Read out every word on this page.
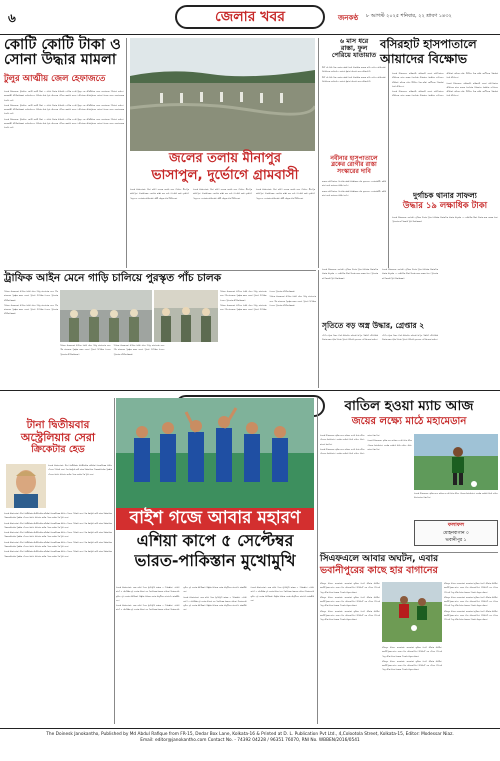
৬	জেলার খবর	জনকণ্ঠ ৮ আগস্ট ২০২৫ শনিবার, ২২ শ্রাবণ ১৪৩২
কোটি কোটি টাকা ও
সোনা উদ্ধার মামলা
টুলুর আত্মীয় জেল হেফাজতে

নিজস্ব প্রতিবেদক, ধুলিয়ান: কোটি কোটি টাকা ও সোনা উদ্ধার মামলায় গ্রেপ্তার হওয়া টুলুর এক আত্মীয়কে জেল হেফাজতে পাঠানো হয়েছে। তদন্তকারী আধিকারিকরা জানিয়েছেন, ঘটনার সঙ্গে যুক্ত অন্যদের খোঁজে তল্লাশি চলছে। আদালত অভিযুক্তকে চোদ্দো দিনের জেল হেফাজতের নির্দেশ দেয়।

নিজস্ব প্রতিবেদক, ধুলিয়ান: কোটি কোটি টাকা ও সোনা উদ্ধার মামলায় গ্রেপ্তার হওয়া টুলুর এক আত্মীয়কে জেল হেফাজতে পাঠানো হয়েছে। তদন্তকারী আধিকারিকরা জানিয়েছেন, ঘটনার সঙ্গে যুক্ত অন্যদের খোঁজে তল্লাশি চলছে। আদালত অভিযুক্তকে চোদ্দো দিনের জেল হেফাজতের নির্দেশ দেয়।

নিজস্ব প্রতিবেদক, ধুলিয়ান: কোটি কোটি টাকা ও সোনা উদ্ধার মামলায় গ্রেপ্তার হওয়া টুলুর এক আত্মীয়কে জেল হেফাজতে পাঠানো হয়েছে। তদন্তকারী আধিকারিকরা জানিয়েছেন, ঘটনার সঙ্গে যুক্ত অন্যদের খোঁজে তল্লাশি চলছে। আদালত অভিযুক্তকে চোদ্দো দিনের জেল হেফাজতের নির্দেশ দেয়।

জলের তলায় মীনাপুর
ভাসাপুল, দুর্ভোগে গ্রামবাসী

নিজস্ব সংবাদদাতা: টানা বর্ষণে জলের তলায় চলে গিয়েছে মীনাপুর ভাসাপুল। যাতায়াতের একমাত্র রাস্তা বন্ধ হয়ে যাওয়ায় চরম দুর্ভোগে পড়েছেন এলাকার বাসিন্দারা। স্থায়ী সেতুর দাবি দীর্ঘদিনের।

নিজস্ব সংবাদদাতা: টানা বর্ষণে জলের তলায় চলে গিয়েছে মীনাপুর ভাসাপুল। যাতায়াতের একমাত্র রাস্তা বন্ধ হয়ে যাওয়ায় চরম দুর্ভোগে পড়েছেন এলাকার বাসিন্দারা। স্থায়ী সেতুর দাবি দীর্ঘদিনের।

নিজস্ব সংবাদদাতা: টানা বর্ষণে জলের তলায় চলে গিয়েছে মীনাপুর ভাসাপুল। যাতায়াতের একমাত্র রাস্তা বন্ধ হয়ে যাওয়ায় চরম দুর্ভোগে পড়েছেন এলাকার বাসিন্দারা। স্থায়ী সেতুর দাবি দীর্ঘদিনের।

৬ মাস ধরে
রাস্তা, ফুল
পেরিয়ে যাতায়াত

দীর্ঘ ছয় মাস ধরে বেহাল রাস্তা দিয়ে যাতায়াত করতে বাধ্য হচ্ছেন বাসিন্দারা। প্রশাসনকে জানিয়েও কোনো সুরাহা মেলেনি বলে অভিযোগ।

দীর্ঘ ছয় মাস ধরে বেহাল রাস্তা দিয়ে যাতায়াত করতে বাধ্য হচ্ছেন বাসিন্দারা। প্রশাসনকে জানিয়েও কোনো সুরাহা মেলেনি বলে অভিযোগ।

নবীনার হাসপাতালে
ব্লকের রোগীর রাস্তা
সংস্কারের দাবি

ব্লকের হাসপাতালে যাওয়ার রাস্তা সংস্কারের দাবি তুললেন এলাকাবাসী। বর্ষায় কাদা জমে চলাচলে সমস্যা হচ্ছে।

ব্লকের হাসপাতালে যাওয়ার রাস্তা সংস্কারের দাবি তুললেন এলাকাবাসী। বর্ষায় কাদা জমে চলাচলে সমস্যা হচ্ছে।

বসিরহাট হাসপাতালে
আয়াদের বিক্ষোভ

নিজস্ব প্রতিবেদন, বসিরহাট: বসিরহাট জেলা হাসপাতালে আয়াদের কাজ বন্ধের নির্দেশের প্রতিবাদে বিক্ষোভ দেখালেন আয়ারা। তাঁদের দাবি, দীর্ঘদিন ধরে তাঁরা রোগীদের পরিষেবা দিয়ে আসছেন।

নিজস্ব প্রতিবেদন, বসিরহাট: বসিরহাট জেলা হাসপাতালে আয়াদের কাজ বন্ধের নির্দেশের প্রতিবাদে বিক্ষোভ দেখালেন আয়ারা। তাঁদের দাবি, দীর্ঘদিন ধরে তাঁরা রোগীদের পরিষেবা দিয়ে আসছেন।

নিজস্ব প্রতিবেদন, বসিরহাট: বসিরহাট জেলা হাসপাতালে আয়াদের কাজ বন্ধের নির্দেশের প্রতিবাদে বিক্ষোভ দেখালেন আয়ারা। তাঁদের দাবি, দীর্ঘদিন ধরে তাঁরা রোগীদের পরিষেবা দিয়ে আসছেন।

দুর্গাচক থানার সাফল্য
উদ্ধার ১৯ লক্ষাধিক টাকা

নিজস্ব প্রতিবেদক, হলদিয়া: দুর্গাচক থানার পুলিশ সাইবার প্রতারণার শিকার মানুষের ১৯ লক্ষাধিক টাকা উদ্ধার করে ফেরত দিল। পুলিশের তৎপরতায় খুশি প্রতারিতরা।

নিজস্ব প্রতিবেদক, হলদিয়া: দুর্গাচক থানার পুলিশ সাইবার প্রতারণার শিকার মানুষের ১৯ লক্ষাধিক টাকা উদ্ধার করে ফেরত দিল। পুলিশের তৎপরতায় খুশি প্রতারিতরা।

নিজস্ব প্রতিবেদক, হলদিয়া: দুর্গাচক থানার পুলিশ সাইবার প্রতারণার শিকার মানুষের ১৯ লক্ষাধিক টাকা উদ্ধার করে ফেরত দিল। পুলিশের তৎপরতায় খুশি প্রতারিতরা।

সৃতিতে বড় অস্ত্র উদ্ধার, গ্রেপ্তার ২

গোপন সূত্রে খবর পেয়ে অভিযান চালিয়ে বিপুল পরিমাণ আগ্নেয়াস্ত্র উদ্ধার করল সৃতি থানার পুলিশ। ঘটনায় দুজনকে গ্রেপ্তার করা হয়েছে।

গোপন সূত্রে খবর পেয়ে অভিযান চালিয়ে বিপুল পরিমাণ আগ্নেয়াস্ত্র উদ্ধার করল সৃতি থানার পুলিশ। ঘটনায় দুজনকে গ্রেপ্তার করা হয়েছে।

ট্রাফিক আইন মেনে গাড়ি চালিয়ে পুরস্কৃত পাঁচ চালক

ট্রাফিক সচেতনতা সপ্তাহে নিয়ম মেনে গাড়ি চালানোর জন্য পাঁচ চালককে পুরস্কৃত করল জেলা পুলিশ। উপস্থিত ছিলেন পুলিশের আধিকারিকরা।

ট্রাফিক সচেতনতা সপ্তাহে নিয়ম মেনে গাড়ি চালানোর জন্য পাঁচ চালককে পুরস্কৃত করল জেলা পুলিশ। উপস্থিত ছিলেন পুলিশের আধিকারিকরা।

ট্রাফিক সচেতনতা সপ্তাহে নিয়ম মেনে গাড়ি চালানোর জন্য পাঁচ চালককে পুরস্কৃত করল জেলা পুলিশ। উপস্থিত ছিলেন পুলিশের আধিকারিকরা।

ট্রাফিক সচেতনতা সপ্তাহে নিয়ম মেনে গাড়ি চালানোর জন্য পাঁচ চালককে পুরস্কৃত করল জেলা পুলিশ। উপস্থিত ছিলেন পুলিশের আধিকারিকরা।

ট্রাফিক সচেতনতা সপ্তাহে নিয়ম মেনে গাড়ি চালানোর জন্য পাঁচ চালককে পুরস্কৃত করল জেলা পুলিশ। উপস্থিত ছিলেন পুলিশের আধিকারিকরা।

ট্রাফিক সচেতনতা সপ্তাহে নিয়ম মেনে গাড়ি চালানোর জন্য পাঁচ চালককে পুরস্কৃত করল জেলা পুলিশ। উপস্থিত ছিলেন পুলিশের আধিকারিকরা।

ট্রাফিক সচেতনতা সপ্তাহে নিয়ম মেনে গাড়ি চালানোর জন্য পাঁচ চালককে পুরস্কৃত করল জেলা পুলিশ। উপস্থিত ছিলেন পুলিশের আধিকারিকরা।

টানা দ্বিতীয়বার
অস্ট্রেলিয়ার সেরা
ক্রিকেটার হেড

নিজস্ব সংবাদদাতা: টানা দ্বিতীয়বার অস্ট্রেলিয়ার বর্ষসেরা ক্রিকেটারের সম্মান পেলেন ট্রাভিস হেড। গত মরসুমে ব্যাট হাতে ধারাবাহিক পারফরম্যান্সের পুরস্কার পেলেন তিনি। অ্যালান বর্ডার পদক জয়ের পর খুশি হেড।

নিজস্ব সংবাদদাতা: টানা দ্বিতীয়বার অস্ট্রেলিয়ার বর্ষসেরা ক্রিকেটারের সম্মান পেলেন ট্রাভিস হেড। গত মরসুমে ব্যাট হাতে ধারাবাহিক পারফরম্যান্সের পুরস্কার পেলেন তিনি। অ্যালান বর্ডার পদক জয়ের পর খুশি হেড।

নিজস্ব সংবাদদাতা: টানা দ্বিতীয়বার অস্ট্রেলিয়ার বর্ষসেরা ক্রিকেটারের সম্মান পেলেন ট্রাভিস হেড। গত মরসুমে ব্যাট হাতে ধারাবাহিক পারফরম্যান্সের পুরস্কার পেলেন তিনি। অ্যালান বর্ডার পদক জয়ের পর খুশি হেড।

নিজস্ব সংবাদদাতা: টানা দ্বিতীয়বার অস্ট্রেলিয়ার বর্ষসেরা ক্রিকেটারের সম্মান পেলেন ট্রাভিস হেড। গত মরসুমে ব্যাট হাতে ধারাবাহিক পারফরম্যান্সের পুরস্কার পেলেন তিনি। অ্যালান বর্ডার পদক জয়ের পর খুশি হেড।

নিজস্ব সংবাদদাতা: টানা দ্বিতীয়বার অস্ট্রেলিয়ার বর্ষসেরা ক্রিকেটারের সম্মান পেলেন ট্রাভিস হেড। গত মরসুমে ব্যাট হাতে ধারাবাহিক পারফরম্যান্সের পুরস্কার পেলেন তিনি। অ্যালান বর্ডার পদক জয়ের পর খুশি হেড।

নিজস্ব সংবাদদাতা: টানা দ্বিতীয়বার অস্ট্রেলিয়ার বর্ষসেরা ক্রিকেটারের সম্মান পেলেন ট্রাভিস হেড। গত মরসুমে ব্যাট হাতে ধারাবাহিক পারফরম্যান্সের পুরস্কার পেলেন তিনি। অ্যালান বর্ডার পদক জয়ের পর খুশি হেড।

বাইশ গজে আবার মহারণ
এশিয়া কাপে ৫ সেপ্টেম্বর
ভারত-পাকিস্তান মুখোমুখি

নিজস্ব সংবাদদাতা: ফের বাইশ গজে মুখোমুখি ভারত ও পাকিস্তান। এশিয়া কাপে ৫ সেপ্টেম্বর দুই দেশের মহিলা দল পরস্পরের বিরুদ্ধে নামবে। উত্তেজনায় ফুটছে দুই দেশের সমর্থকরা। প্রস্তুতি শিবিরে জোর অনুশীলন চালাচ্ছে ভারতীয় দল।

নিজস্ব সংবাদদাতা: ফের বাইশ গজে মুখোমুখি ভারত ও পাকিস্তান। এশিয়া কাপে ৫ সেপ্টেম্বর দুই দেশের মহিলা দল পরস্পরের বিরুদ্ধে নামবে। উত্তেজনায় ফুটছে দুই দেশের সমর্থকরা। প্রস্তুতি শিবিরে জোর অনুশীলন চালাচ্ছে ভারতীয় দল।

নিজস্ব সংবাদদাতা: ফের বাইশ গজে মুখোমুখি ভারত ও পাকিস্তান। এশিয়া কাপে ৫ সেপ্টেম্বর দুই দেশের মহিলা দল পরস্পরের বিরুদ্ধে নামবে। উত্তেজনায় ফুটছে দুই দেশের সমর্থকরা। প্রস্তুতি শিবিরে জোর অনুশীলন চালাচ্ছে ভারতীয় দল।

নিজস্ব সংবাদদাতা: ফের বাইশ গজে মুখোমুখি ভারত ও পাকিস্তান। এশিয়া কাপে ৫ সেপ্টেম্বর দুই দেশের মহিলা দল পরস্পরের বিরুদ্ধে নামবে। উত্তেজনায় ফুটছে দুই দেশের সমর্থকরা। প্রস্তুতি শিবিরে জোর অনুশীলন চালাচ্ছে ভারতীয় দল।

বাতিল হওয়া ম্যাচ আজ
জয়ের লক্ষ্যে মাঠে মহামেডান

নিজস্ব প্রতিবেদক: বৃষ্টির জন্য বাতিল হওয়া ম্যাচ আজ খেলবে মহামেডান। জয়ের লক্ষ্যেই মাঠে নামছে সাদা-কালো ব্রিগেড।

নিজস্ব প্রতিবেদক: বৃষ্টির জন্য বাতিল হওয়া ম্যাচ আজ খেলবে মহামেডান। জয়ের লক্ষ্যেই মাঠে নামছে সাদা-কালো ব্রিগেড।

নিজস্ব প্রতিবেদক: বৃষ্টির জন্য বাতিল হওয়া ম্যাচ আজ খেলবে মহামেডান। জয়ের লক্ষ্যেই মাঠে নামছে সাদা-কালো ব্রিগেড।

নিজস্ব প্রতিবেদক: বৃষ্টির জন্য বাতিল হওয়া ম্যাচ আজ খেলবে মহামেডান। জয়ের লক্ষ্যেই মাঠে নামছে সাদা-কালো ব্রিগেড।

সিএফএলে আবার অঘটন, এবার
ভবানীপুরের কাছে হার বাগানের

আবদুল মজিদ, কলকাতা: কলকাতা ফুটবল লিগে আবার অঘটন। ভবানীপুরের কাছে হেরে গেল মোহনবাগান। প্রথমার্ধে এক গোলে পিছিয়ে পড়ে আর ম্যাচে ফিরতে পারেনি সবুজ-মেরুন।

আবদুল মজিদ, কলকাতা: কলকাতা ফুটবল লিগে আবার অঘটন। ভবানীপুরের কাছে হেরে গেল মোহনবাগান। প্রথমার্ধে এক গোলে পিছিয়ে পড়ে আর ম্যাচে ফিরতে পারেনি সবুজ-মেরুন।

আবদুল মজিদ, কলকাতা: কলকাতা ফুটবল লিগে আবার অঘটন। ভবানীপুরের কাছে হেরে গেল মোহনবাগান। প্রথমার্ধে এক গোলে পিছিয়ে পড়ে আর ম্যাচে ফিরতে পারেনি সবুজ-মেরুন।

আবদুল মজিদ, কলকাতা: কলকাতা ফুটবল লিগে আবার অঘটন। ভবানীপুরের কাছে হেরে গেল মোহনবাগান। প্রথমার্ধে এক গোলে পিছিয়ে পড়ে আর ম্যাচে ফিরতে পারেনি সবুজ-মেরুন।

আবদুল মজিদ, কলকাতা: কলকাতা ফুটবল লিগে আবার অঘটন। ভবানীপুরের কাছে হেরে গেল মোহনবাগান। প্রথমার্ধে এক গোলে পিছিয়ে পড়ে আর ম্যাচে ফিরতে পারেনি সবুজ-মেরুন।

আবদুল মজিদ, কলকাতা: কলকাতা ফুটবল লিগে আবার অঘটন। ভবানীপুরের কাছে হেরে গেল মোহনবাগান। প্রথমার্ধে এক গোলে পিছিয়ে পড়ে আর ম্যাচে ফিরতে পারেনি সবুজ-মেরুন।

আবদুল মজিদ, কলকাতা: কলকাতা ফুটবল লিগে আবার অঘটন। ভবানীপুরের কাছে হেরে গেল মোহনবাগান। প্রথমার্ধে এক গোলে পিছিয়ে পড়ে আর ম্যাচে ফিরতে পারেনি সবুজ-মেরুন।

আবদুল মজিদ, কলকাতা: কলকাতা ফুটবল লিগে আবার অঘটন। ভবানীপুরের কাছে হেরে গেল মোহনবাগান। প্রথমার্ধে এক গোলে পিছিয়ে পড়ে আর ম্যাচে ফিরতে পারেনি সবুজ-মেরুন।

ফলাফল
মোহনবাগান ০
ভবানীপুর ১
The Doinesk Janokantho, Published by Md Abdul Rafique from FR-15, Dedar Box Lane, Kolkata-16 & Printed at D. L. Publication Pvt Ltd., 4,Colootola Street, Kolkata-15, Editor: Modessar Niaz.
Email: editor@janokantho.com Contact No. - 74392 04228 / 96351 76070, RNI No. WBBEN/2016/0541
